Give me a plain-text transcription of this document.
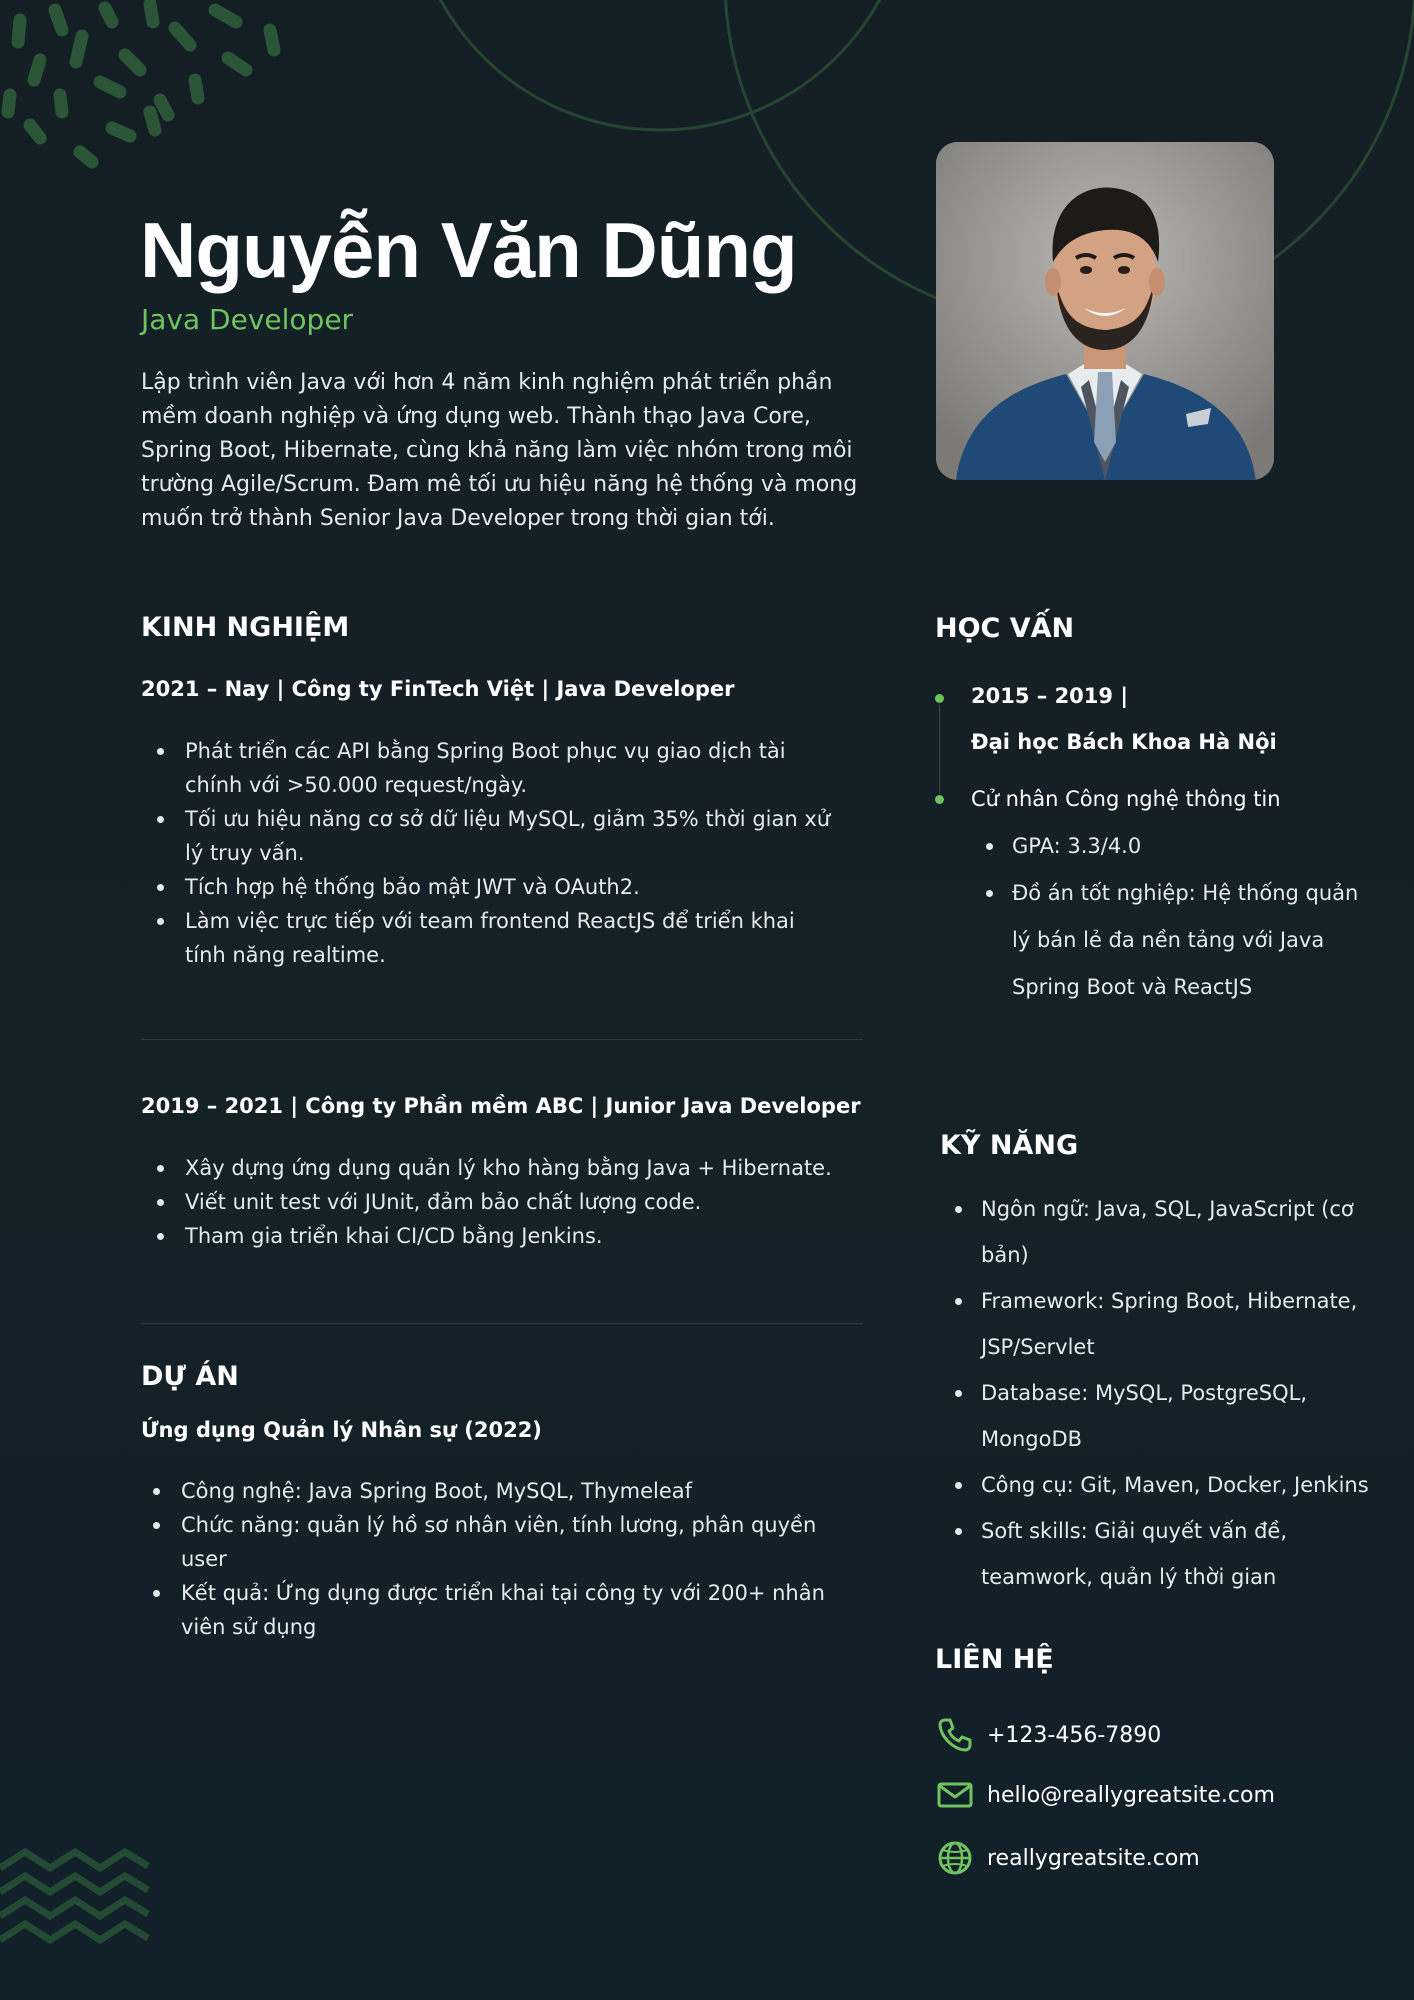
Nguyễn Văn Dũng
Java Developer

Lập trình viên Java với hơn 4 năm kinh nghiệm phát triển phần mềm doanh nghiệp và ứng dụng web. Thành thạo Java Core, Spring Boot, Hibernate, cùng khả năng làm việc nhóm trong môi trường Agile/Scrum. Đam mê tối ưu hiệu năng hệ thống và mong muốn trở thành Senior Java Developer trong thời gian tới.

KINH NGHIỆM
2021 – Nay | Công ty FinTech Việt | Java Developer
Phát triển các API bằng Spring Boot phục vụ giao dịch tài chính với >50.000 request/ngày.
Tối ưu hiệu năng cơ sở dữ liệu MySQL, giảm 35% thời gian xử lý truy vấn.
Tích hợp hệ thống bảo mật JWT và OAuth2.
Làm việc trực tiếp với team frontend ReactJS để triển khai tính năng realtime.
2019 – 2021 | Công ty Phần mềm ABC | Junior Java Developer
Xây dựng ứng dụng quản lý kho hàng bằng Java + Hibernate.
Viết unit test với JUnit, đảm bảo chất lượng code.
Tham gia triển khai CI/CD bằng Jenkins.
DỰ ÁN
Ứng dụng Quản lý Nhân sự (2022)
Công nghệ: Java Spring Boot, MySQL, Thymeleaf
Chức năng: quản lý hồ sơ nhân viên, tính lương, phân quyền user
Kết quả: Ứng dụng được triển khai tại công ty với 200+ nhân viên sử dụng
HỌC VẤN
2015 – 2019 |
Đại học Bách Khoa Hà Nội
Cử nhân Công nghệ thông tin
GPA: 3.3/4.0
Đồ án tốt nghiệp: Hệ thống quản lý bán lẻ đa nền tảng với Java Spring Boot và ReactJS
KỸ NĂNG
Ngôn ngữ: Java, SQL, JavaScript (cơ bản)
Framework: Spring Boot, Hibernate, JSP/Servlet
Database: MySQL, PostgreSQL, MongoDB
Công cụ: Git, Maven, Docker, Jenkins
Soft skills: Giải quyết vấn đề, teamwork, quản lý thời gian
LIÊN HỆ
+123-456-7890
hello@reallygreatsite.com
reallygreatsite.com
